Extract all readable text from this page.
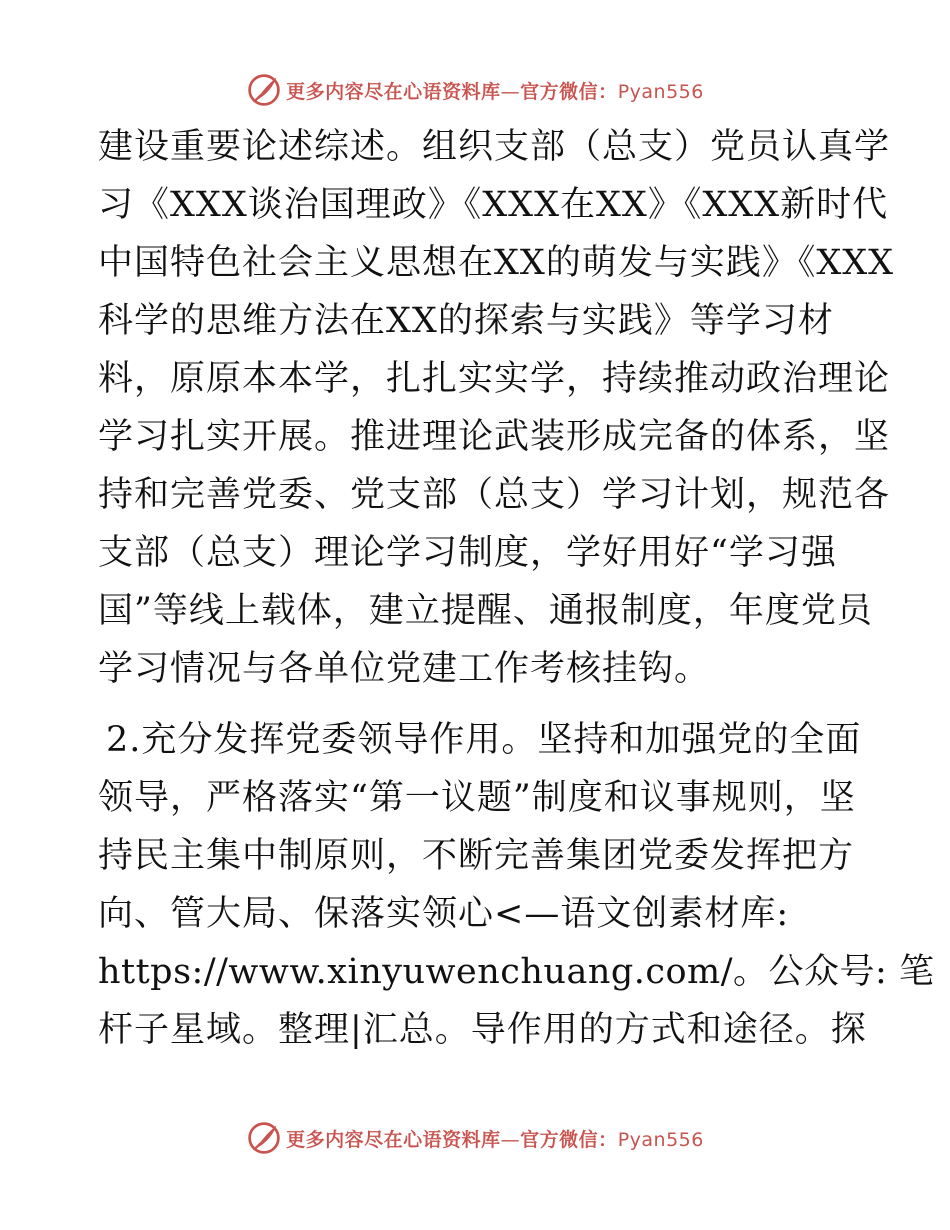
更多内容尽在心语资料库—官方微信：Pyan556
建设重要论述综述。组织支部（总支）党员认真学
习《XXX谈治国理政》《XXX在XX》《XXX新时代
中国特色社会主义思想在XX的萌发与实践》《XXX
科学的思维方法在XX的探索与实践》等学习材
料，原原本本学，扎扎实实学，持续推动政治理论
学习扎实开展。推进理论武装形成完备的体系，坚
持和完善党委、党支部（总支）学习计划，规范各
支部（总支）理论学习制度，学好用好“学习强
国”等线上载体，建立提醒、通报制度，年度党员
学习情况与各单位党建工作考核挂钩。
2.充分发挥党委领导作用。坚持和加强党的全面
领导，严格落实“第一议题”制度和议事规则，坚
持民主集中制原则，不断完善集团党委发挥把方
向、管大局、保落实领心<—语文创素材库:
https://www.xinyuwenchuang.com/。公众号: 笔
杆子星域。整理|汇总。导作用的方式和途径。探
更多内容尽在心语资料库—官方微信：Pyan556
